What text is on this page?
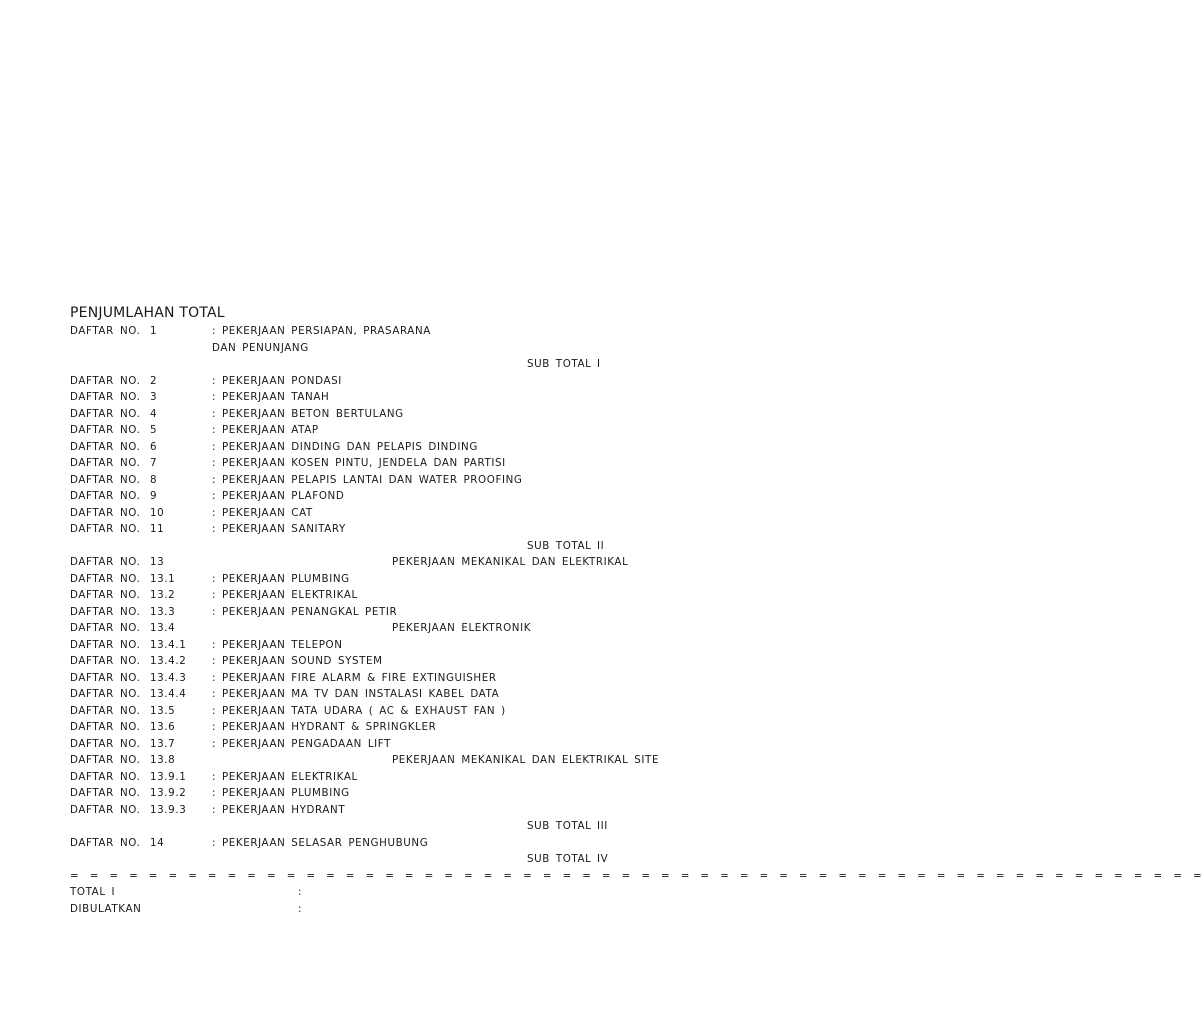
PENJUMLAHAN TOTAL
DAFTAR NO. 1	: PEKERJAAN PERSIAPAN, PRASARANA
DAN PENUNJANG
SUB TOTAL I
DAFTAR NO. 2	: PEKERJAAN PONDASI
DAFTAR NO. 3	: PEKERJAAN TANAH
DAFTAR NO. 4	: PEKERJAAN BETON BERTULANG
DAFTAR NO. 5	: PEKERJAAN ATAP
DAFTAR NO. 6	: PEKERJAAN DINDING DAN PELAPIS DINDING
DAFTAR NO. 7	: PEKERJAAN KOSEN PINTU, JENDELA DAN PARTISI
DAFTAR NO. 8	: PEKERJAAN PELAPIS LANTAI DAN WATER PROOFING
DAFTAR NO. 9	: PEKERJAAN PLAFOND
DAFTAR NO. 10	: PEKERJAAN CAT
DAFTAR NO. 11	: PEKERJAAN SANITARY
SUB TOTAL II
DAFTAR NO. 13	PEKERJAAN MEKANIKAL DAN ELEKTRIKAL
DAFTAR NO. 13.1	: PEKERJAAN PLUMBING
DAFTAR NO. 13.2	: PEKERJAAN ELEKTRIKAL
DAFTAR NO. 13.3	: PEKERJAAN PENANGKAL PETIR
DAFTAR NO. 13.4	PEKERJAAN ELEKTRONIK
DAFTAR NO. 13.4.1 : PEKERJAAN TELEPON
DAFTAR NO. 13.4.2 : PEKERJAAN SOUND SYSTEM
DAFTAR NO. 13.4.3 : PEKERJAAN FIRE ALARM & FIRE EXTINGUISHER
DAFTAR NO. 13.4.4 : PEKERJAAN MA TV DAN INSTALASI KABEL DATA
DAFTAR NO. 13.5	: PEKERJAAN TATA UDARA ( AC & EXHAUST FAN )
DAFTAR NO. 13.6	: PEKERJAAN HYDRANT & SPRINGKLER
DAFTAR NO. 13.7	: PEKERJAAN PENGADAAN LIFT
DAFTAR NO. 13.8	PEKERJAAN MEKANIKAL DAN ELEKTRIKAL SITE
DAFTAR NO. 13.9.1 : PEKERJAAN ELEKTRIKAL
DAFTAR NO. 13.9.2 : PEKERJAAN PLUMBING
DAFTAR NO. 13.9.3 : PEKERJAAN HYDRANT
SUB TOTAL III
DAFTAR NO. 14	: PEKERJAAN SELASAR PENGHUBUNG
SUB TOTAL IV
= = = = = = = = = = = = = = = = = = = = = = = = = = = = = = = = = = = = = = = = = = = = = = = = = = = = = = = = = =
TOTAL I	:
DIBULATKAN	:
